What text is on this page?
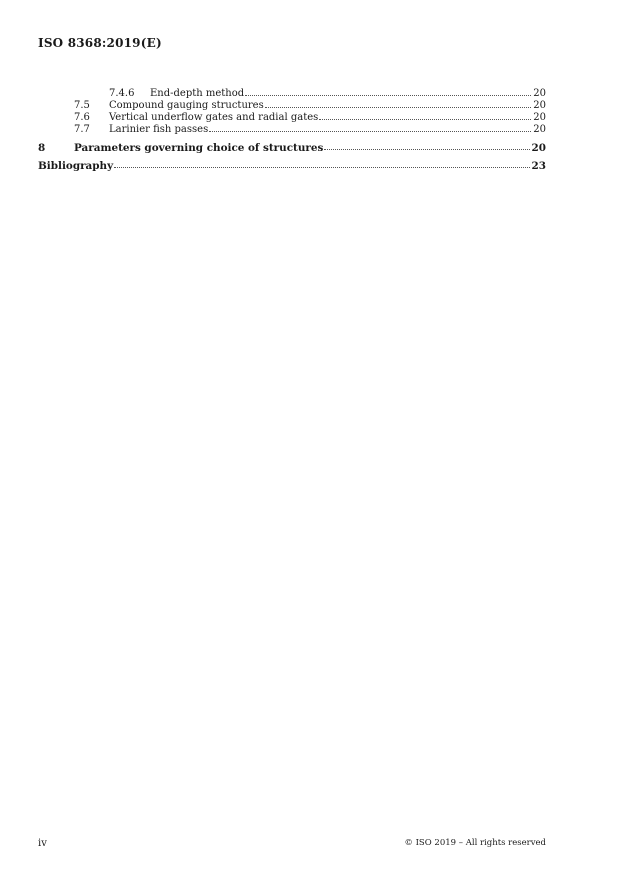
ISO 8368:2019(E)
7.4.6	End-depth method	20
7.5	Compound gauging structures	20
7.6	Vertical underflow gates and radial gates	20
7.7	Larinier fish passes	20
8	Parameters governing choice of structures	20
Bibliography	23
iv	© ISO 2019 – All rights reserved
